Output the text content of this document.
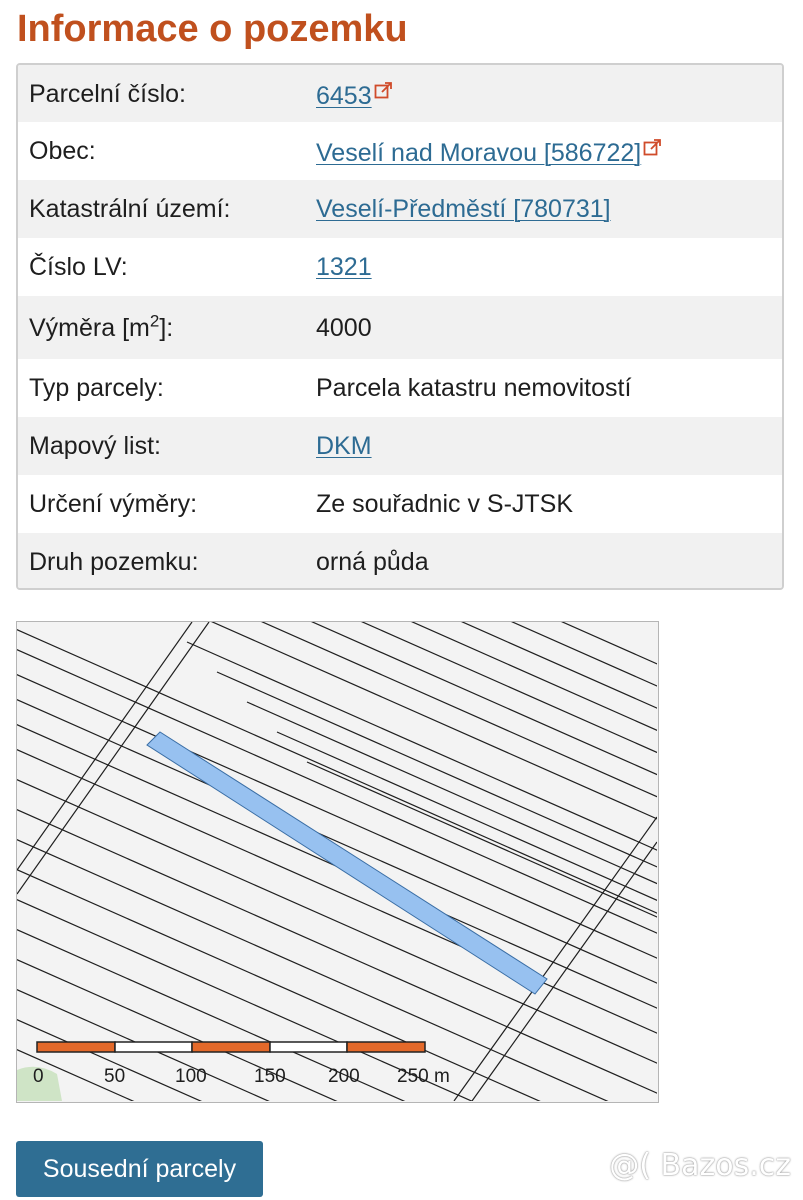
Informace o pozemku
Parcelní číslo:	6453
Obec:	Veselí nad Moravou [586722]
Katastrální území:	Veselí-Předměstí [780731]
Číslo LV:	1321
Výměra $[m^2]$:	4000
Typ parcely:	Parcela katastru nemovitostí
Mapový list:	DKM
Určení výměry:	Ze souřadnic v S-JTSK
Druh pozemku:	orná půda
0	50	100 150 200 250 m
Sousední parcely	@( Bazos.cz
